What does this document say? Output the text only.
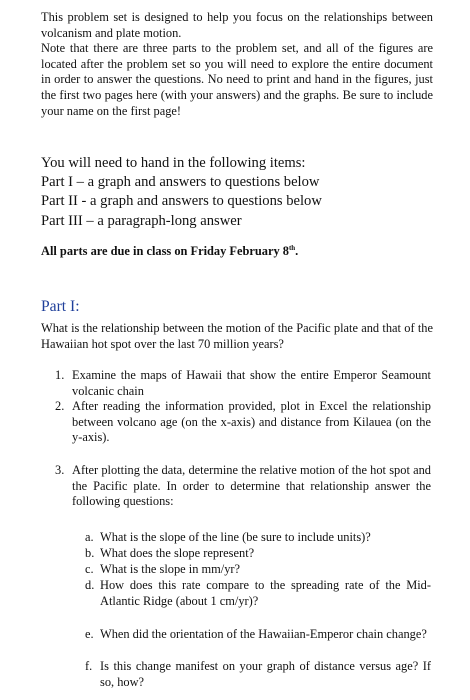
This problem set is designed to help you focus on the relationships between volcanism and plate motion.

Note that there are three parts to the problem set, and all of the figures are located after the problem set so you will need to explore the entire document in order to answer the questions. No need to print and hand in the figures, just the first two pages here (with your answers) and the graphs. Be sure to include your name on the first page!

You will need to hand in the following items:
Part I – a graph and answers to questions below
Part II - a graph and answers to questions below
Part III – a paragraph-long answer
All parts are due in class on Friday February 8th.
Part I:

What is the relationship between the motion of the Pacific plate and that of the Hawaiian hot spot over the last 70 million years?

1. Examine the maps of Hawaii that show the entire Emperor Seamount volcanic chain
2. After reading the information provided, plot in Excel the relationship between volcano age (on the x-axis) and distance from Kilauea (on the y-axis).
3. After plotting the data, determine the relative motion of the hot spot and the Pacific plate. In order to determine that relationship answer the following questions:
a. What is the slope of the line (be sure to include units)?
b. What does the slope represent?
c. What is the slope in mm/yr?
d. How does this rate compare to the spreading rate of the Mid-Atlantic Ridge (about 1 cm/yr)?
e. When did the orientation of the Hawaiian-Emperor chain change?
f. Is this change manifest on your graph of distance versus age? If so, how?
